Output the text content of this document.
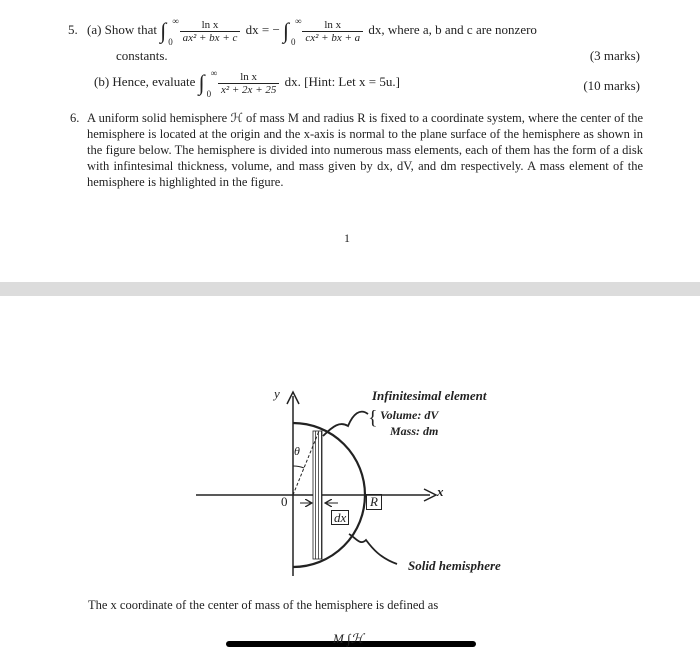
5. (a) Show that ∫ ∞
0
$\frac{\text{ln x}}{\text{ax² + bx + c}}$ dx = − ∫ ∞
0
$\frac{\text{ln x}}{\text{cx² + bx + a}}$ dx, where a, b and c are nonzero
constants.	(3 marks)
(b) Hence, evaluate ∫ ∞
0
$\frac{\text{ln x}}{\text{x² + 2x + 25}}$ dx. [Hint: Let x = 5u.]	(10 marks)
6. A uniform solid hemisphere ℋ of mass M and radius R is fixed to a coordinate system, where the center of the hemisphere is located at the origin and the x-axis is normal to the plane surface of the hemisphere as shown in the figure below. The hemisphere is divided into numerous mass elements, each of them has the form of a disk with infintesimal thickness, volume, and mass given by dx, dV, and dm respectively. A mass element of the hemisphere is highlighted in the figure.
1
y
x
0	R
θ
dx
Infinitesimal element
{ Volume: dV
Mass: dm
Solid hemisphere
The x coordinate of the center of mass of the hemisphere is defined as
M ∫ℋ
